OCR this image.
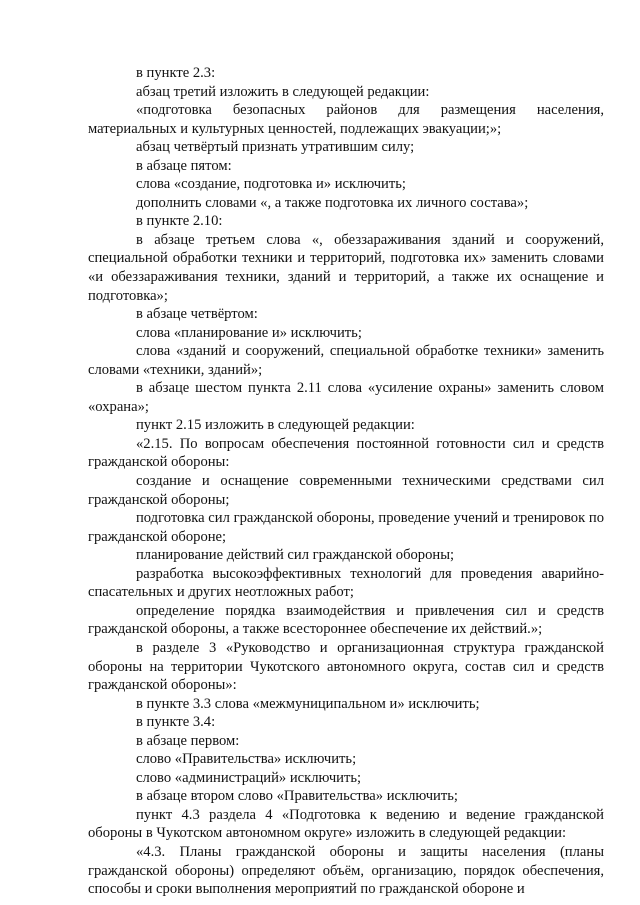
в пункте 2.3:

абзац третий изложить в следующей редакции:

«подготовка безопасных районов для размещения населения, материальных и культурных ценностей, подлежащих эвакуации;»;

абзац четвёртый признать утратившим силу;

в абзаце пятом:

слова «создание, подготовка и» исключить;

дополнить словами «, а также подготовка их личного состава»;

в пункте 2.10:

в абзаце третьем слова «, обеззараживания зданий и сооружений, специальной обработки техники и территорий, подготовка их» заменить словами «и обеззараживания техники, зданий и территорий, а также их оснащение и подготовка»;

в абзаце четвёртом:

слова «планирование и» исключить;

слова «зданий и сооружений, специальной обработке техники» заменить словами «техники, зданий»;

в абзаце шестом пункта 2.11 слова «усиление охраны» заменить словом «охрана»;

пункт 2.15 изложить в следующей редакции:

«2.15. По вопросам обеспечения постоянной готовности сил и средств гражданской обороны:

создание и оснащение современными техническими средствами сил гражданской обороны;

подготовка сил гражданской обороны, проведение учений и тренировок по гражданской обороне;

планирование действий сил гражданской обороны;

разработка высокоэффективных технологий для проведения аварийно-спасательных и других неотложных работ;

определение порядка взаимодействия и привлечения сил и средств гражданской обороны, а также всестороннее обеспечение их действий.»;

в разделе 3 «Руководство и организационная структура гражданской обороны на территории Чукотского автономного округа, состав сил и средств гражданской обороны»:

в пункте 3.3 слова «межмуниципальном и» исключить;

в пункте 3.4:

в абзаце первом:

слово «Правительства» исключить;

слово «администраций» исключить;

в абзаце втором слово «Правительства» исключить;

пункт 4.3 раздела 4 «Подготовка к ведению и ведение гражданской обороны в Чукотском автономном округе» изложить в следующей редакции:

«4.3. Планы гражданской обороны и защиты населения (планы гражданской обороны) определяют объём, организацию, порядок обеспечения, способы и сроки выполнения мероприятий по гражданской обороне и
